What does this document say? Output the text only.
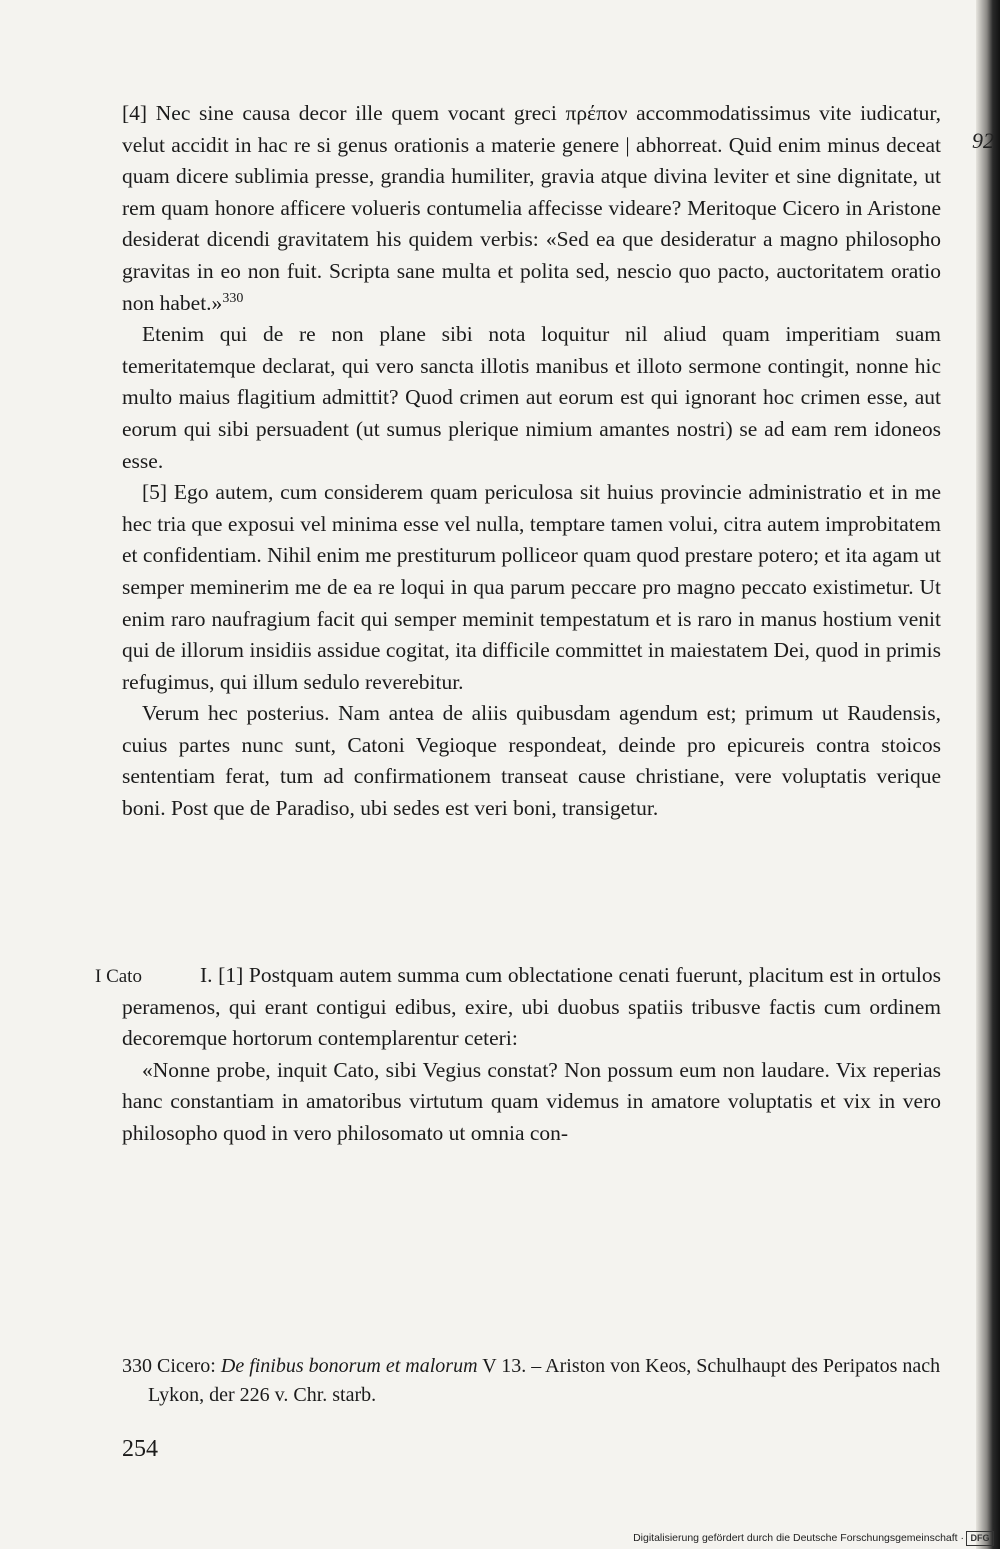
92

[4] Nec sine causa decor ille quem vocant greci πρέπον accommodatissimus vite iudicatur, velut accidit in hac re si genus orationis a materie genere | abhorreat. Quid enim minus deceat quam dicere sublimia presse, grandia humiliter, gravia atque divina leviter et sine dignitate, ut rem quam honore afficere volueris contumelia affecisse videare? Meritoque Cicero in Aristone desiderat dicendi gravitatem his quidem verbis: «Sed ea que desideratur a magno philosopho gravitas in eo non fuit. Scripta sane multa et polita sed, nescio quo pacto, auctoritatem oratio non habet.»$^{330}$

Etenim qui de re non plane sibi nota loquitur nil aliud quam imperitiam suam temeritatemque declarat, qui vero sancta illotis manibus et illoto sermone contingit, nonne hic multo maius flagitium admittit? Quod crimen aut eorum est qui ignorant hoc crimen esse, aut eorum qui sibi persuadent (ut sumus plerique nimium amantes nostri) se ad eam rem idoneos esse.

[5] Ego autem, cum considerem quam periculosa sit huius provincie administratio et in me hec tria que exposui vel minima esse vel nulla, temptare tamen volui, citra autem improbitatem et confidentiam. Nihil enim me prestiturum polliceor quam quod prestare potero; et ita agam ut semper meminerim me de ea re loqui in qua parum peccare pro magno peccato existimetur. Ut enim raro naufragium facit qui semper meminit tempestatum et is raro in manus hostium venit qui de illorum insidiis assidue cogitat, ita difficile committet in maiestatem Dei, quod in primis refugimus, qui illum sedulo reverebitur.

Verum hec posterius. Nam antea de aliis quibusdam agendum est; primum ut Raudensis, cuius partes nunc sunt, Catoni Vegioque respondeat, deinde pro epicureis contra stoicos sententiam ferat, tum ad confirmationem transeat cause christiane, vere voluptatis verique boni. Post que de Paradiso, ubi sedes est veri boni, transigetur.

I Cato	I. [1] Postquam autem summa cum oblectatione cenati fuerunt, placitum est in ortulos peramenos, qui erant contigui edibus, exire, ubi duobus spatiis tribusve factis cum ordinem decoremque hortorum contemplarentur ceteri:

«Nonne probe, inquit Cato, sibi Vegius constat? Non possum eum non laudare. Vix reperias hanc constantiam in amatoribus virtutum quam videmus in amatore voluptatis et vix in vero philosopho quod in vero philosomato ut omnia con-

330 Cicero: De finibus bonorum et malorum V 13. – Ariston von Keos, Schulhaupt des Peripatos nach Lykon, der 226 v. Chr. starb.

254
Digitalisierung gefördert durch die Deutsche Forschungsgemeinschaft · DFG
